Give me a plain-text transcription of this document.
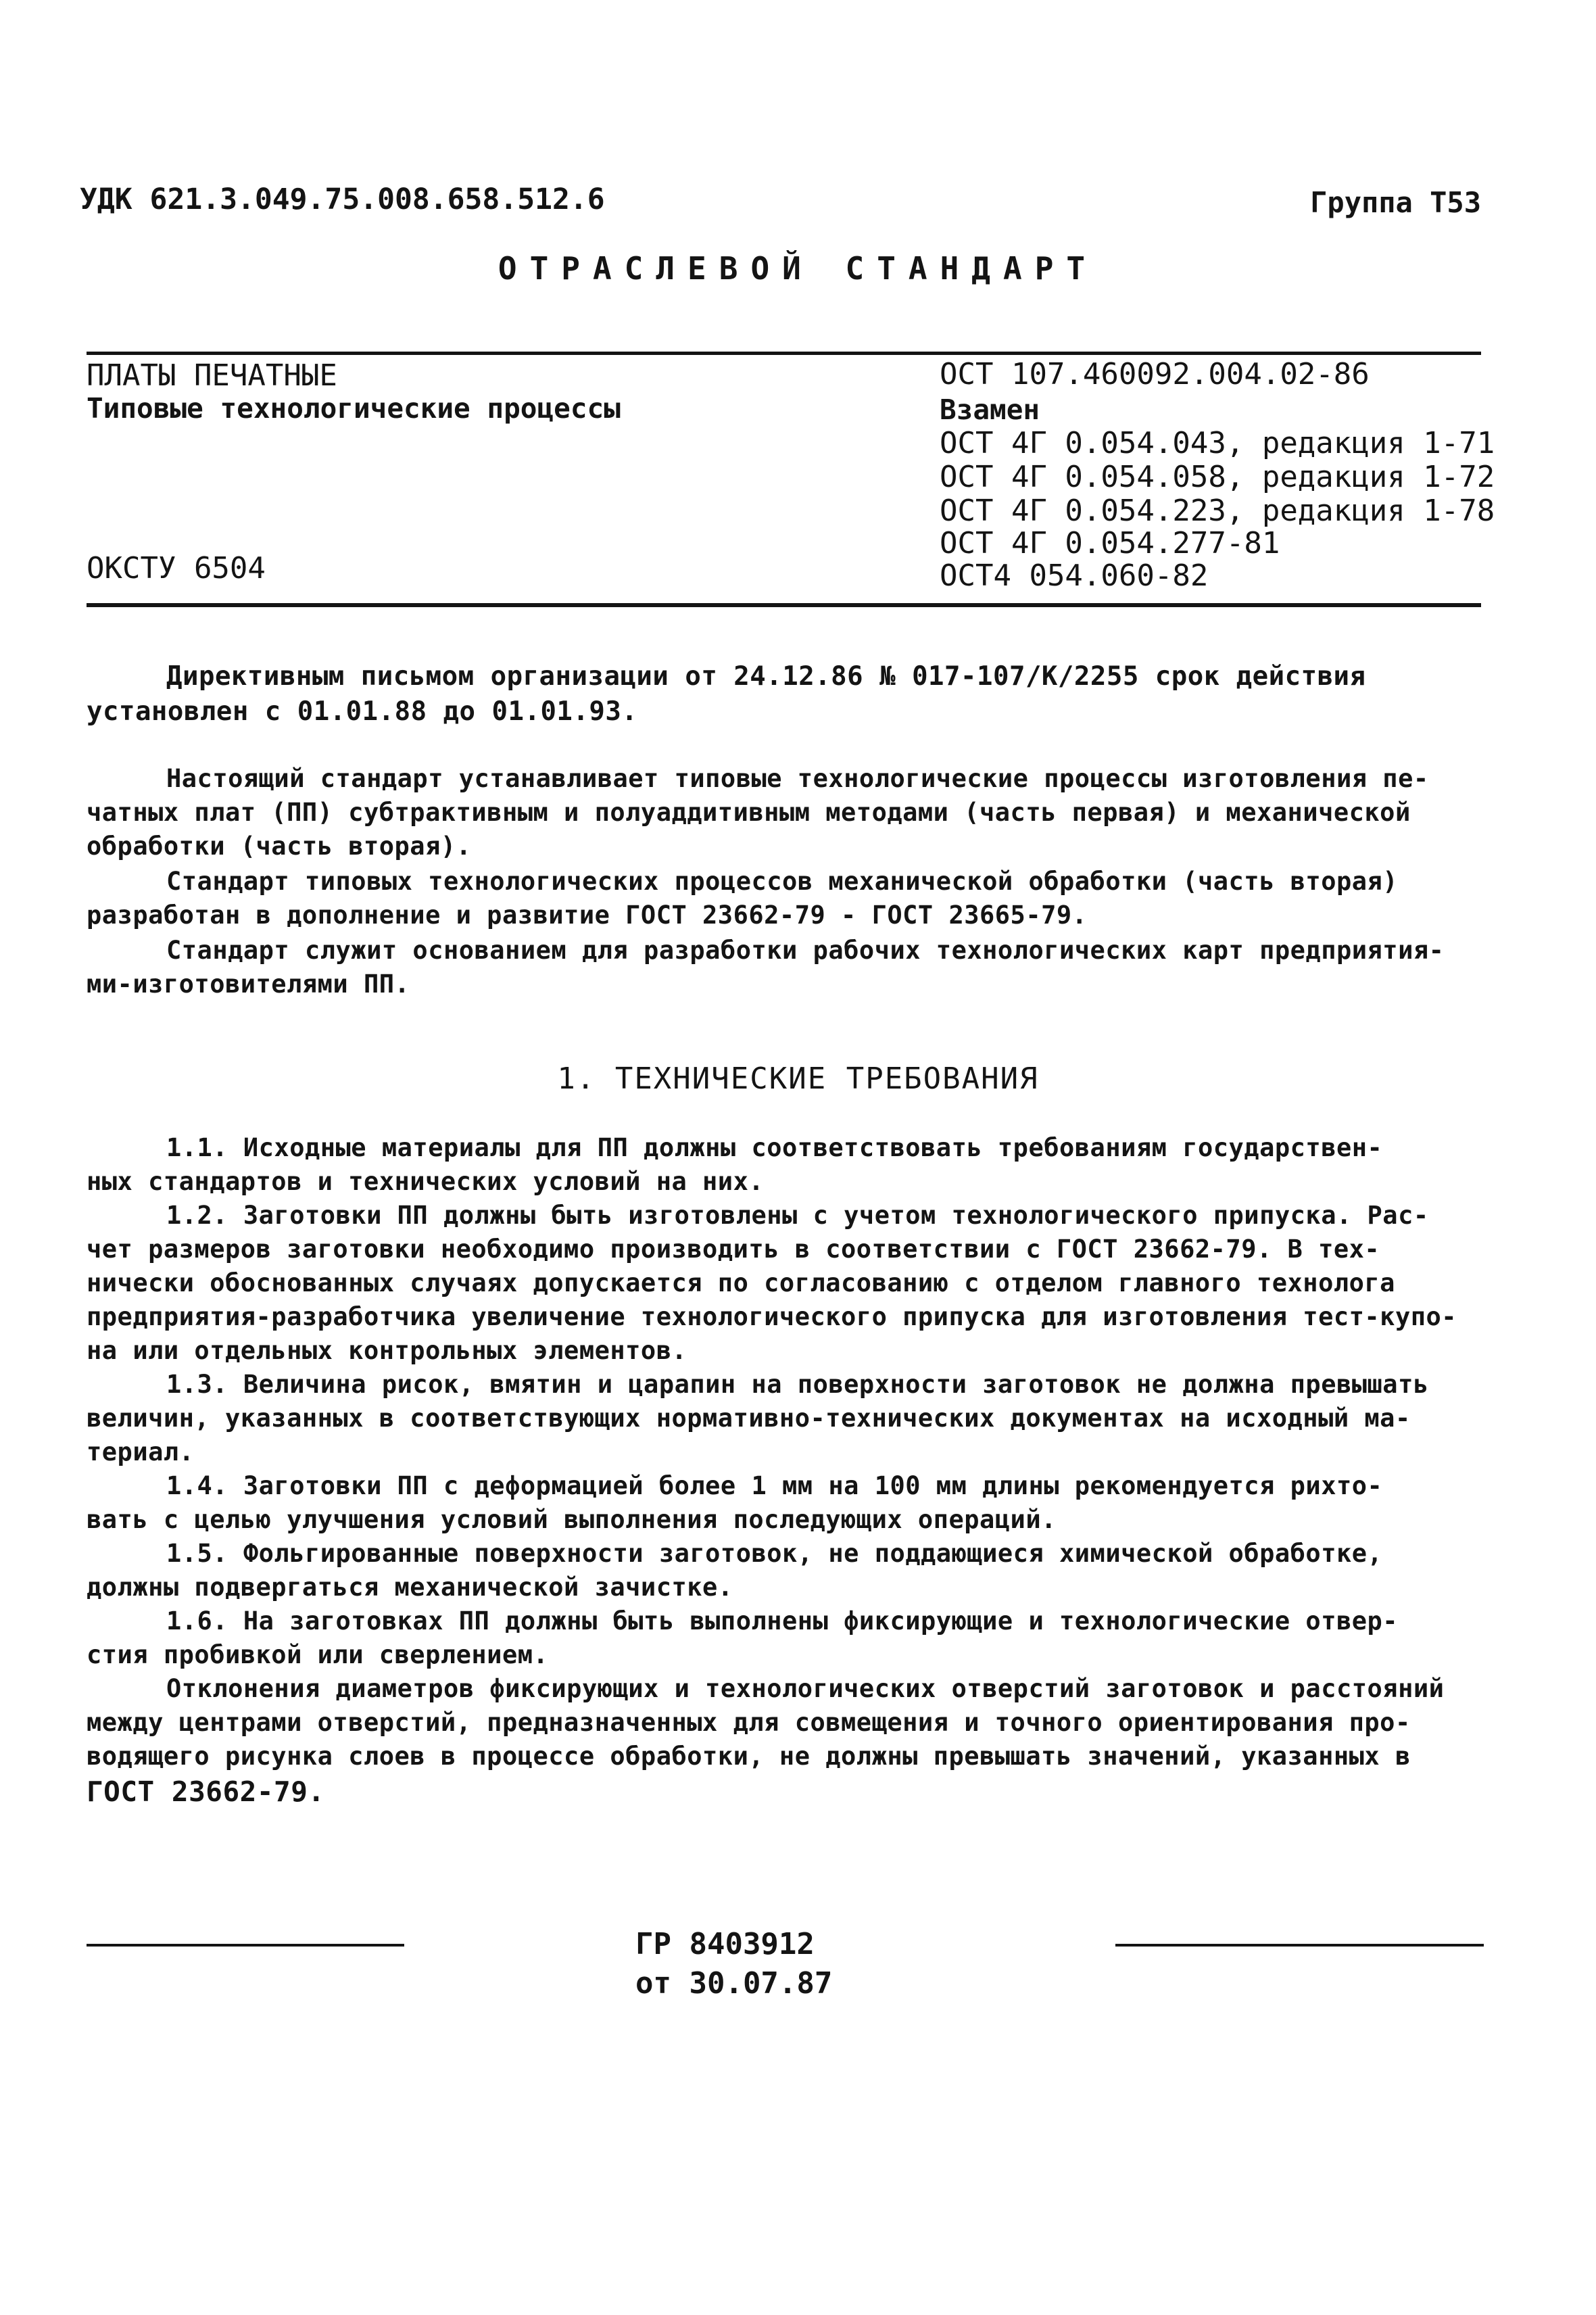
УДК 621.3.049.75.008.658.512.6	Группа Т53
ОТРАСЛЕВОЙ СТАНДАРТ
ПЛАТЫ ПЕЧАТНЫЕ
Типовые технологические процессы
ОКСТУ 6504
ОСТ 107.460092.004.02-86
Взамен
ОСТ 4Г 0.054.043, редакция 1-71
ОСТ 4Г 0.054.058, редакция 1-72
ОСТ 4Г 0.054.223, редакция 1-78
ОСТ 4Г 0.054.277-81
ОСТ4 054.060-82
Директивным письмом организации от 24.12.86 № 017-107/К/2255 срок действия
установлен с 01.01.88 до 01.01.93.
Настоящий стандарт устанавливает типовые технологические процессы изготовления пе-
чатных плат (ПП) субтрактивным и полуаддитивным методами (часть первая) и механической
обработки (часть вторая).
Стандарт типовых технологических процессов механической обработки (часть вторая)
разработан в дополнение и развитие ГОСТ 23662-79 - ГОСТ 23665-79.
Стандарт служит основанием для разработки рабочих технологических карт предприятия-
ми-изготовителями ПП.
1. ТЕХНИЧЕСКИЕ ТРЕБОВАНИЯ
1.1. Исходные материалы для ПП должны соответствовать требованиям государствен-
ных стандартов и технических условий на них.
1.2. Заготовки ПП должны быть изготовлены с учетом технологического припуска. Рас-
чет размеров заготовки необходимо производить в соответствии с ГОСТ 23662-79. В тех-
нически обоснованных случаях допускается по согласованию с отделом главного технолога
предприятия-разработчика увеличение технологического припуска для изготовления тест-купо-
на или отдельных контрольных элементов.
1.3. Величина рисок, вмятин и царапин на поверхности заготовок не должна превышать
величин, указанных в соответствующих нормативно-технических документах на исходный ма-
териал.
1.4. Заготовки ПП с деформацией более 1 мм на 100 мм длины рекомендуется рихто-
вать с целью улучшения условий выполнения последующих операций.
1.5. Фольгированные поверхности заготовок, не поддающиеся химической обработке,
должны подвергаться механической зачистке.
1.6. На заготовках ПП должны быть выполнены фиксирующие и технологические отвер-
стия пробивкой или сверлением.
Отклонения диаметров фиксирующих и технологических отверстий заготовок и расстояний
между центрами отверстий, предназначенных для совмещения и точного ориентирования про-
водящего рисунка слоев в процессе обработки, не должны превышать значений, указанных в
ГОСТ 23662-79.
ГР 8403912
от 30.07.87
